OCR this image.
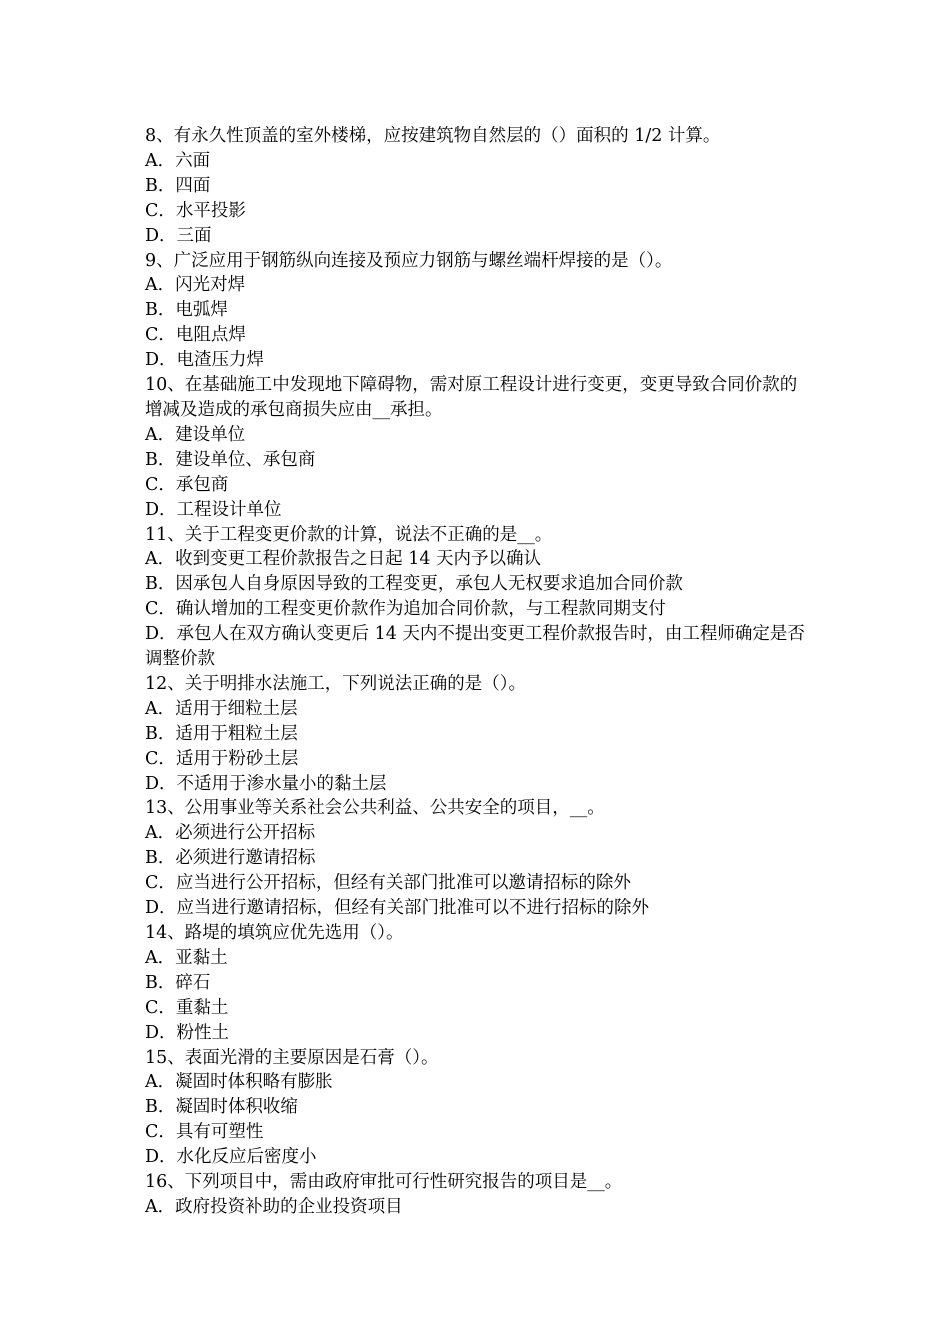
8、有永久性顶盖的室外楼梯，应按建筑物自然层的（）面积的 1/2 计算。

A．六面

B．四面

C．水平投影

D．三面

9、广泛应用于钢筋纵向连接及预应力钢筋与螺丝端杆焊接的是（）。

A．闪光对焊

B．电弧焊

C．电阻点焊

D．电渣压力焊

10、在基础施工中发现地下障碍物，需对原工程设计进行变更，变更导致合同价款的增减及造成的承包商损失应由__承担。

A．建设单位

B．建设单位、承包商

C．承包商

D．工程设计单位

11、关于工程变更价款的计算，说法不正确的是__。

A．收到变更工程价款报告之日起 14 天内予以确认

B．因承包人自身原因导致的工程变更，承包人无权要求追加合同价款

C．确认增加的工程变更价款作为追加合同价款，与工程款同期支付

D．承包人在双方确认变更后 14 天内不提出变更工程价款报告时，由工程师确定是否调整价款

12、关于明排水法施工，下列说法正确的是（）。

A．适用于细粒土层

B．适用于粗粒土层

C．适用于粉砂土层

D．不适用于渗水量小的黏土层

13、公用事业等关系社会公共利益、公共安全的项目，__。

A．必须进行公开招标

B．必须进行邀请招标

C．应当进行公开招标，但经有关部门批准可以邀请招标的除外

D．应当进行邀请招标，但经有关部门批准可以不进行招标的除外

14、路堤的填筑应优先选用（）。

A．亚黏土

B．碎石

C．重黏土

D．粉性土

15、表面光滑的主要原因是石膏（）。

A．凝固时体积略有膨胀

B．凝固时体积收缩

C．具有可塑性

D．水化反应后密度小

16、下列项目中，需由政府审批可行性研究报告的项目是__。

A．政府投资补助的企业投资项目
